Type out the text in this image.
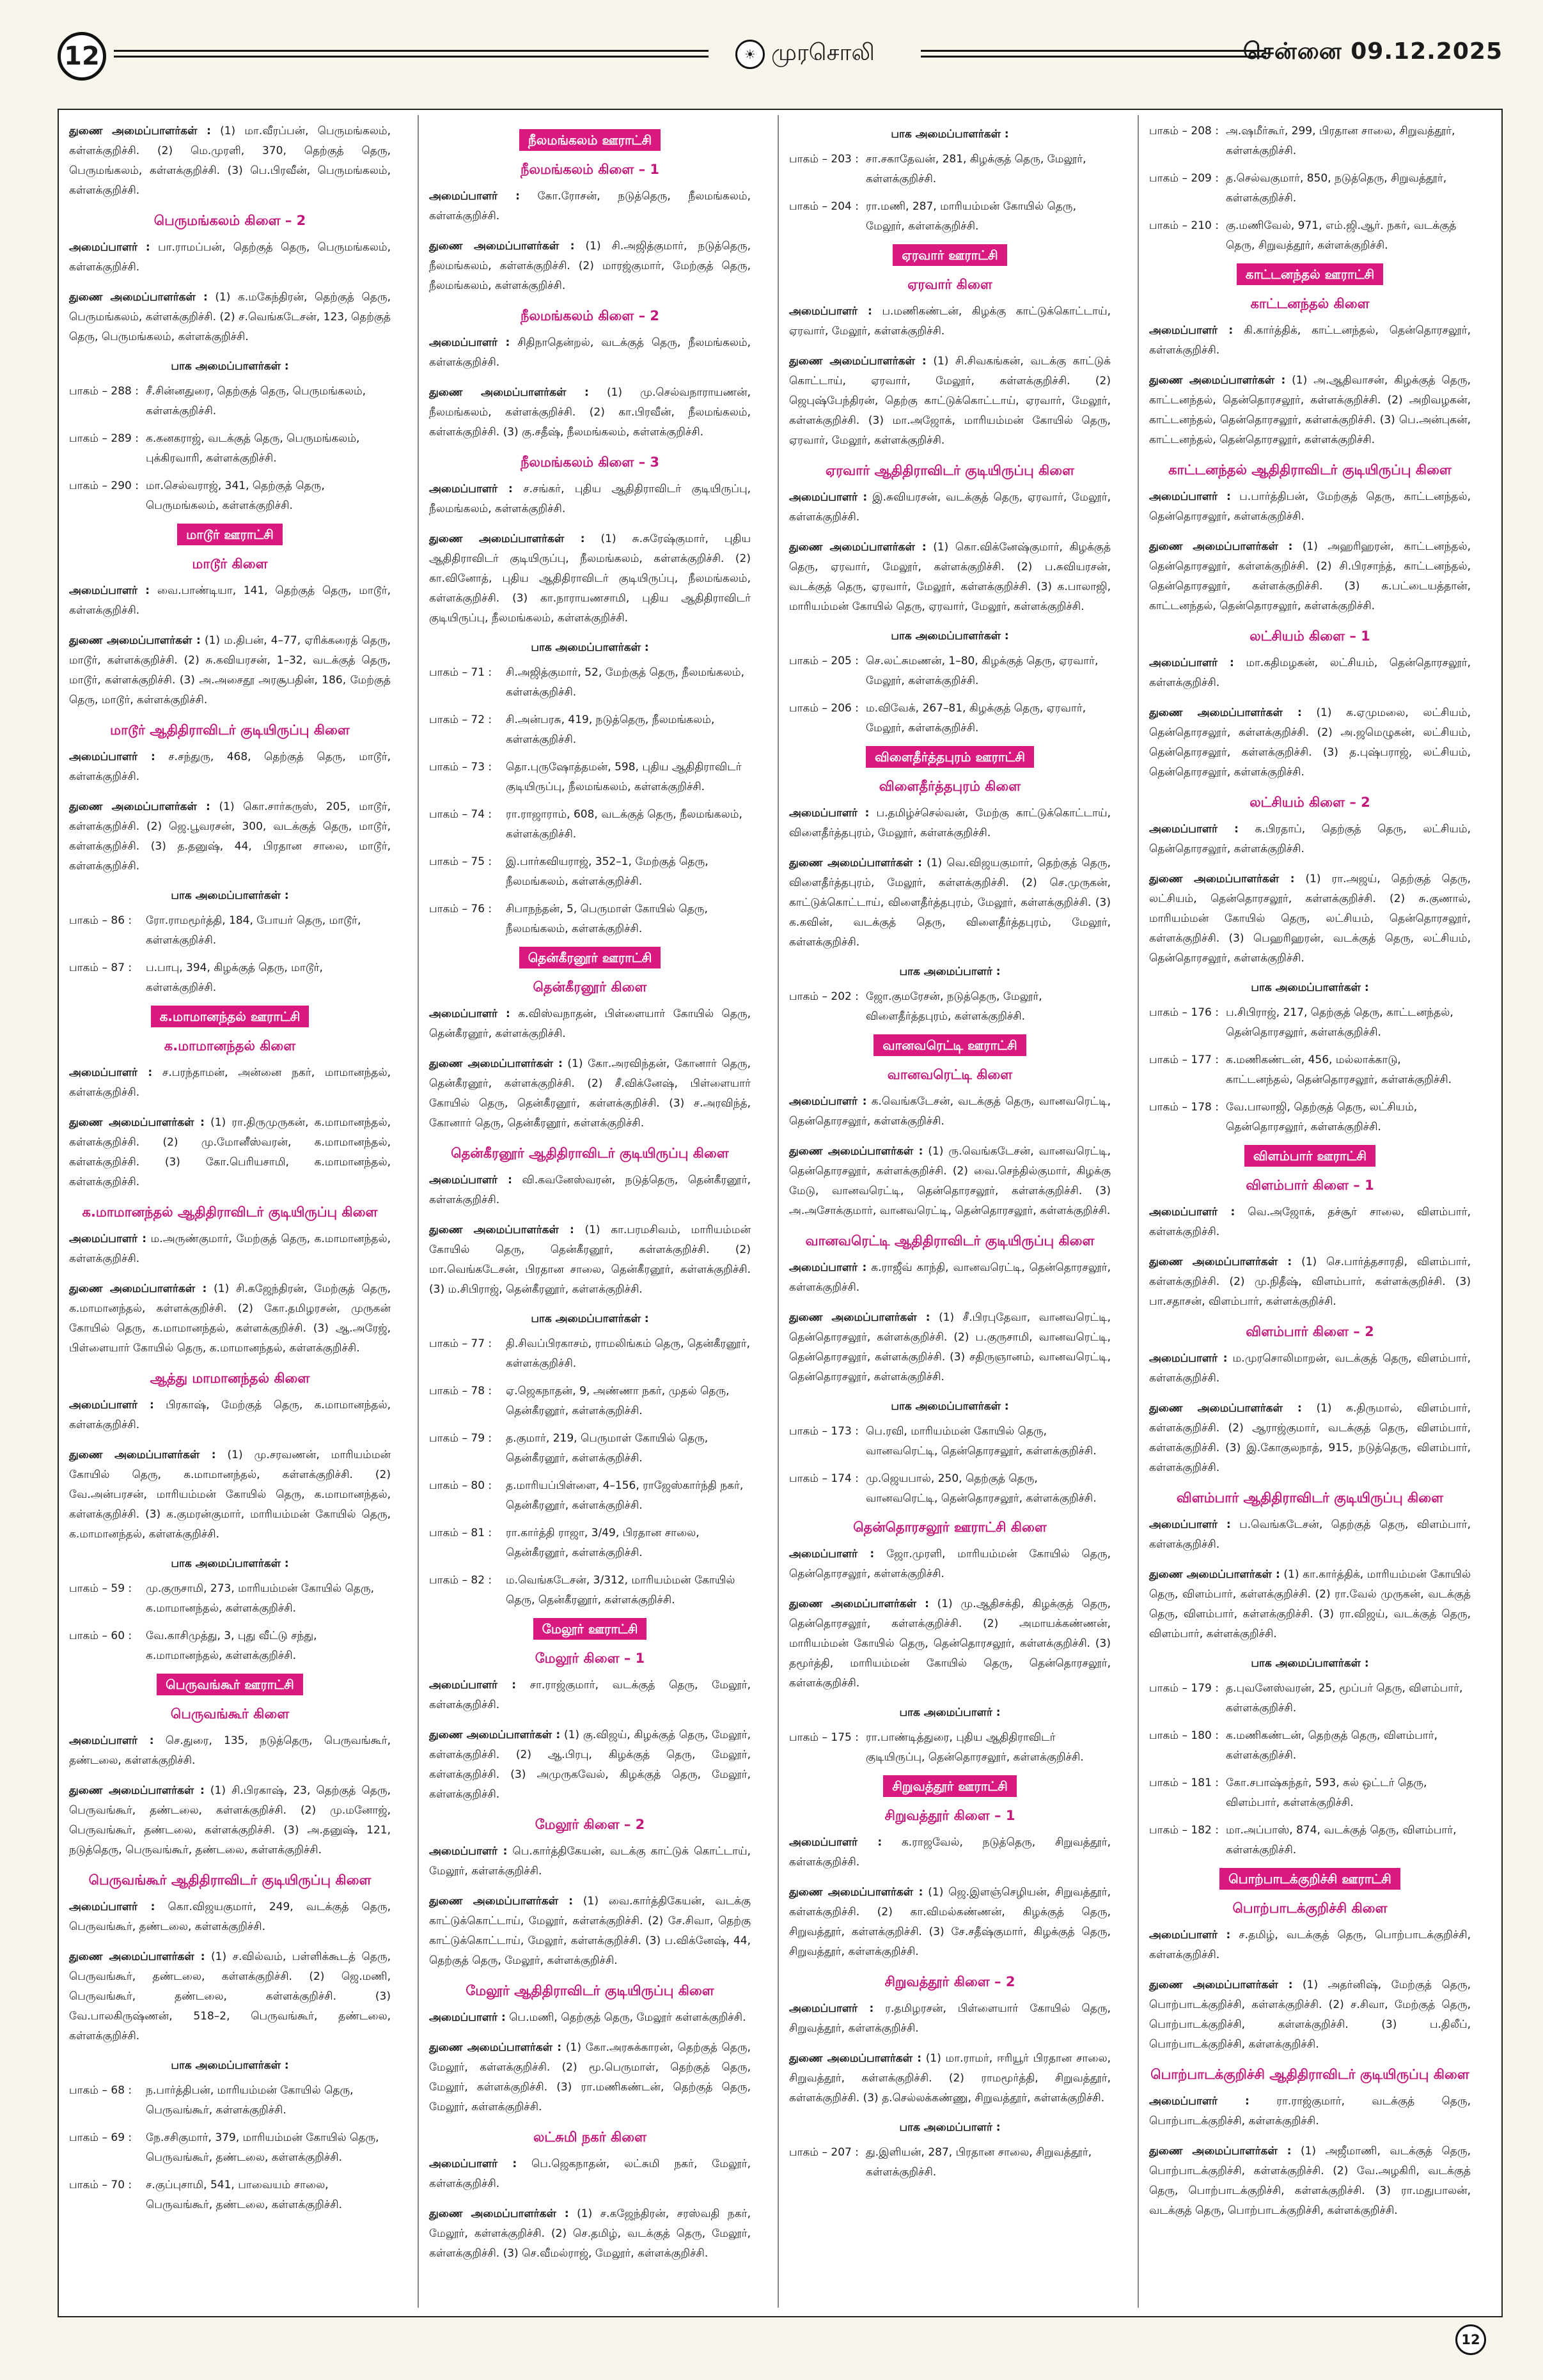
12	☀ முரசொலி	சென்னை 09.12.2025

துணை அமைப்பாளர்கள் : (1) மா.வீரப்பன், பெருமங்கலம், கள்ளக்குறிச்சி. (2) மெ.முரளி, 370, தெற்குத் தெரு, பெருமங்கலம், கள்ளக்குறிச்சி. (3) பெ.பிரவீன், பெருமங்கலம், கள்ளக்குறிச்சி.

பெருமங்கலம் கிளை – 2

அமைப்பாளர் : பா.ராமப்பன், தெற்குத் தெரு, பெருமங்கலம், கள்ளக்குறிச்சி.

துணை அமைப்பாளர்கள் : (1) க.மகேந்திரன், தெற்குத் தெரு, பெருமங்கலம், கள்ளக்குறிச்சி. (2) ச.வெங்கடேசன், 123, தெற்குத் தெரு, பெருமங்கலம், கள்ளக்குறிச்சி.

பாக அமைப்பாளர்கள் :
பாகம் – 288 : சீ.சின்னதுரை, தெற்குத் தெரு, பெருமங்கலம், கள்ளக்குறிச்சி.
பாகம் – 289 : க.கனகராஜ், வடக்குத் தெரு, பெருமங்கலம், புக்கிரவாரி, கள்ளக்குறிச்சி.
பாகம் – 290 : மா.செல்வராஜ், 341, தெற்குத் தெரு, பெருமங்கலம், கள்ளக்குறிச்சி.
மாடூர் ஊராட்சி
மாடூர் கிளை

அமைப்பாளர் : வை.பாண்டியா, 141, தெற்குத் தெரு, மாடூர், கள்ளக்குறிச்சி.

துணை அமைப்பாளர்கள் : (1) ம.திபன், 4–77, ஏரிக்கரைத் தெரு, மாடூர், கள்ளக்குறிச்சி. (2) சு.கவியரசன், 1–32, வடக்குத் தெரு, மாடூர், கள்ளக்குறிச்சி. (3) அ.அசைதூ அரசூபதின், 186, மேற்குத் தெரு, மாடூர், கள்ளக்குறிச்சி.

மாடூர் ஆதிதிராவிடர் குடியிருப்பு கிளை

அமைப்பாளர் : ச.சந்துரு, 468, தெற்குத் தெரு, மாடூர், கள்ளக்குறிச்சி.

துணை அமைப்பாளர்கள் : (1) கொ.சார்கருஸ், 205, மாடூர், கள்ளக்குறிச்சி. (2) ஜெ.பூவரசன், 300, வடக்குத் தெரு, மாடூர், கள்ளக்குறிச்சி. (3) த.தனுஷ், 44, பிரதான சாலை, மாடூர், கள்ளக்குறிச்சி.

பாக அமைப்பாளர்கள் :
பாகம் – 86 :	ரோ.ராமமூர்த்தி, 184, போயர் தெரு, மாடூர், கள்ளக்குறிச்சி.
பாகம் – 87 :	ப.பாபு, 394, கிழக்குத் தெரு, மாடூர், கள்ளக்குறிச்சி.
க.மாமானந்தல் ஊராட்சி
க.மாமானந்தல் கிளை

அமைப்பாளர் : ச.பரந்தாமன், அன்னை நகர், மாமானந்தல், கள்ளக்குறிச்சி.

துணை அமைப்பாளர்கள் : (1) ரா.திருமுருகன், க.மாமானந்தல், கள்ளக்குறிச்சி. (2) மு.மோனீஸ்வரன், க.மாமானந்தல், கள்ளக்குறிச்சி. (3) கோ.பெரியசாமி, க.மாமானந்தல், கள்ளக்குறிச்சி.

க.மாமானந்தல் ஆதிதிராவிடர் குடியிருப்பு கிளை

அமைப்பாளர் : ம.அருண்குமார், மேற்குத் தெரு, க.மாமானந்தல், கள்ளக்குறிச்சி.

துணை அமைப்பாளர்கள் : (1) சி.கஜேந்திரன், மேற்குத் தெரு, க.மாமானந்தல், கள்ளக்குறிச்சி. (2) கோ.தமிழரசன், முருகன் கோயில் தெரு, க.மாமானந்தல், கள்ளக்குறிச்சி. (3) ஆ.அரேஜ், பிள்ளையார் கோயில் தெரு, க.மாமானந்தல், கள்ளக்குறிச்சி.

ஆத்து மாமானந்தல் கிளை

அமைப்பாளர் : பிரகாஷ், மேற்குத் தெரு, க.மாமானந்தல், கள்ளக்குறிச்சி.

துணை அமைப்பாளர்கள் : (1) மு.சரவணன், மாரியம்மன் கோயில் தெரு, க.மாமானந்தல், கள்ளக்குறிச்சி. (2) வே.அன்பரசன், மாரியம்மன் கோயில் தெரு, க.மாமானந்தல், கள்ளக்குறிச்சி. (3) க.குமரன்குமார், மாரியம்மன் கோயில் தெரு, க.மாமானந்தல், கள்ளக்குறிச்சி.

பாக அமைப்பாளர்கள் :
பாகம் – 59 :	மு.குருசாமி, 273, மாரியம்மன் கோயில் தெரு, க.மாமானந்தல், கள்ளக்குறிச்சி.
பாகம் – 60 :	வே.காசிமுத்து, 3, புது வீட்டு சந்து, க.மாமானந்தல், கள்ளக்குறிச்சி.
பெருவங்கூர் ஊராட்சி
பெருவங்கூர் கிளை

அமைப்பாளர் : செ.துரை, 135, நடுத்தெரு, பெருவங்கூர், தண்டலை, கள்ளக்குறிச்சி.

துணை அமைப்பாளர்கள் : (1) சி.பிரகாஷ், 23, தெற்குத் தெரு, பெருவங்கூர், தண்டலை, கள்ளக்குறிச்சி. (2) மு.மனோஜ், பெருவங்கூர், தண்டலை, கள்ளக்குறிச்சி. (3) அ.தனுஷ், 121, நடுத்தெரு, பெருவங்கூர், தண்டலை, கள்ளக்குறிச்சி.

பெருவங்கூர் ஆதிதிராவிடர் குடியிருப்பு கிளை

அமைப்பாளர் : கொ.விஜயகுமார், 249, வடக்குத் தெரு, பெருவங்கூர், தண்டலை, கள்ளக்குறிச்சி.

துணை அமைப்பாளர்கள் : (1) ச.வில்வம், பள்ளிக்கூடத் தெரு, பெருவங்கூர், தண்டலை, கள்ளக்குறிச்சி. (2) ஜெ.மணி, பெருவங்கூர், தண்டலை, கள்ளக்குறிச்சி. (3) வே.பாலகிருஷ்ணன், 518–2, பெருவங்கூர், தண்டலை, கள்ளக்குறிச்சி.

பாக அமைப்பாளர்கள் :
பாகம் – 68 :	ந.பார்த்திபன், மாரியம்மன் கோயில் தெரு, பெருவங்கூர், கள்ளக்குறிச்சி.
பாகம் – 69 :	நே.சசிகுமார், 379, மாரியம்மன் கோயில் தெரு, பெருவங்கூர், தண்டலை, கள்ளக்குறிச்சி.
பாகம் – 70 :	ச.குப்புசாமி, 541, பாவையம் சாலை, பெருவங்கூர், தண்டலை, கள்ளக்குறிச்சி.
நீலமங்கலம் ஊராட்சி
நீலமங்கலம் கிளை – 1

அமைப்பாளர் : கோ.ரோசன், நடுத்தெரு, நீலமங்கலம், கள்ளக்குறிச்சி.

துணை அமைப்பாளர்கள் : (1) சி.அஜித்குமார், நடுத்தெரு, நீலமங்கலம், கள்ளக்குறிச்சி. (2) மாரஜ்குமார், மேற்குத் தெரு, நீலமங்கலம், கள்ளக்குறிச்சி.

நீலமங்கலம் கிளை – 2

அமைப்பாளர் : சிதிநாதென்றல், வடக்குத் தெரு, நீலமங்கலம், கள்ளக்குறிச்சி.

துணை அமைப்பாளர்கள் : (1) மு.செல்வநாராயணன், நீலமங்கலம், கள்ளக்குறிச்சி. (2) கா.பிரவீன், நீலமங்கலம், கள்ளக்குறிச்சி. (3) கு.சதீஷ், நீலமங்கலம், கள்ளக்குறிச்சி.

நீலமங்கலம் கிளை – 3

அமைப்பாளர் : ச.சங்கர், புதிய ஆதிதிராவிடர் குடியிருப்பு, நீலமங்கலம், கள்ளக்குறிச்சி.

துணை அமைப்பாளர்கள் : (1) சு.சுரேஷ்குமார், புதிய ஆதிதிராவிடர் குடியிருப்பு, நீலமங்கலம், கள்ளக்குறிச்சி. (2) கா.வினோத், புதிய ஆதிதிராவிடர் குடியிருப்பு, நீலமங்கலம், கள்ளக்குறிச்சி. (3) கா.நாராயணசாமி, புதிய ஆதிதிராவிடர் குடியிருப்பு, நீலமங்கலம், கள்ளக்குறிச்சி.

பாக அமைப்பாளர்கள் :
பாகம் – 71 :	சி.அஜித்குமார், 52, மேற்குத் தெரு, நீலமங்கலம், கள்ளக்குறிச்சி.
பாகம் – 72 :	சி.அன்பரசு, 419, நடுத்தெரு, நீலமங்கலம், கள்ளக்குறிச்சி.
பாகம் – 73 :	தொ.புருஷோத்தமன், 598, புதிய ஆதிதிராவிடர் குடியிருப்பு, நீலமங்கலம், கள்ளக்குறிச்சி.
பாகம் – 74 :	ரா.ராஜாராம், 608, வடக்குத் தெரு, நீலமங்கலம், கள்ளக்குறிச்சி.
பாகம் – 75 :	இ.பார்கவியராஜ், 352–1, மேற்குத் தெரு, நீலமங்கலம், கள்ளக்குறிச்சி.
பாகம் – 76 :	சிபாநந்தன், 5, பெருமாள் கோயில் தெரு, நீலமங்கலம், கள்ளக்குறிச்சி.
தென்கீரனூர் ஊராட்சி
தென்கீரனூர் கிளை

அமைப்பாளர் : க.விஸ்வநாதன், பிள்ளையார் கோயில் தெரு, தென்கீரனூர், கள்ளக்குறிச்சி.

துணை அமைப்பாளர்கள் : (1) கோ.அரவிந்தன், கோனார் தெரு, தென்கீரனூர், கள்ளக்குறிச்சி. (2) சீ.விக்னேஷ், பிள்ளையார் கோயில் தெரு, தென்கீரனூர், கள்ளக்குறிச்சி. (3) ச.அரவிந்த், கோனார் தெரு, தென்கீரனூர், கள்ளக்குறிச்சி.

தென்கீரனூர் ஆதிதிராவிடர் குடியிருப்பு கிளை

அமைப்பாளர் : வி.கவனேஸ்வரன், நடுத்தெரு, தென்கீரனூர், கள்ளக்குறிச்சி.

துணை அமைப்பாளர்கள் : (1) கா.பரமசிவம், மாரியம்மன் கோயில் தெரு, தென்கீரனூர், கள்ளக்குறிச்சி. (2) மா.வெங்கடேசன், பிரதான சாலை, தென்கீரனூர், கள்ளக்குறிச்சி. (3) ம.சிபிராஜ், தென்கீரனூர், கள்ளக்குறிச்சி.

பாக அமைப்பாளர்கள் :
பாகம் – 77 :	தி.சிவப்பிரகாசம், ராமலிங்கம் தெரு, தென்கீரனூர், கள்ளக்குறிச்சி.
பாகம் – 78 :	ஏ.ஜெகநாதன், 9, அண்ணா நகர், முதல் தெரு, தென்கீரனூர், கள்ளக்குறிச்சி.
பாகம் – 79 :	த.குமார், 219, பெருமாள் கோயில் தெரு, தென்கீரனூர், கள்ளக்குறிச்சி.
பாகம் – 80 :	த.மாரியப்பிள்ளை, 4–156, ராஜேஸ்கார்ந்தி நகர், தென்கீரனூர், கள்ளக்குறிச்சி.
பாகம் – 81 :	ரா.கார்த்தி ராஜா, 3/49, பிரதான சாலை, தென்கீரனூர், கள்ளக்குறிச்சி.
பாகம் – 82 :	ம.வெங்கடேசன், 3/312, மாரியம்மன் கோயில் தெரு, தென்கீரனூர், கள்ளக்குறிச்சி.
மேலூர் ஊராட்சி
மேலூர் கிளை – 1

அமைப்பாளர் : சா.ராஜ்குமார், வடக்குத் தெரு, மேலூர், கள்ளக்குறிச்சி.

துணை அமைப்பாளர்கள் : (1) கு.விஜய், கிழக்குத் தெரு, மேலூர், கள்ளக்குறிச்சி. (2) ஆ.பிரபு, கிழக்குத் தெரு, மேலூர், கள்ளக்குறிச்சி. (3) அமுருகவேல், கிழக்குத் தெரு, மேலூர், கள்ளக்குறிச்சி.

மேலூர் கிளை – 2

அமைப்பாளர் : பெ.கார்த்திகேயன், வடக்கு காட்டுக் கொட்டாய், மேலூர், கள்ளக்குறிச்சி.

துணை அமைப்பாளர்கள் : (1) வை.கார்த்திகேயன், வடக்கு காட்டுக்கொட்டாய், மேலூர், கள்ளக்குறிச்சி. (2) சே.சிவா, தெற்கு காட்டுக்கொட்டாய், மேலூர், கள்ளக்குறிச்சி. (3) ப.விக்னேஷ், 44, தெற்குத் தெரு, மேலூர், கள்ளக்குறிச்சி.

மேலூர் ஆதிதிராவிடர் குடியிருப்பு கிளை

அமைப்பாளர் : பெ.மணி, தெற்குத் தெரு, மேலூர் கள்ளக்குறிச்சி.

துணை அமைப்பாளர்கள் : (1) கோ.அரசுக்காரன், தெற்குத் தெரு, மேலூர், கள்ளக்குறிச்சி. (2) மூ.பெருமாள், தெற்குத் தெரு, மேலூர், கள்ளக்குறிச்சி. (3) ரா.மணிகண்டன், தெற்குத் தெரு, மேலூர், கள்ளக்குறிச்சி.

லட்சுமி நகர் கிளை

அமைப்பாளர் : பெ.ஜெகநாதன், லட்சுமி நகர், மேலூர், கள்ளக்குறிச்சி.

துணை அமைப்பாளர்கள் : (1) ச.கஜேந்திரன், சரஸ்வதி நகர், மேலூர், கள்ளக்குறிச்சி. (2) செ.தமிழ், வடக்குத் தெரு, மேலூர், கள்ளக்குறிச்சி. (3) செ.வீமல்ராஜ், மேலூர், கள்ளக்குறிச்சி.

பாக அமைப்பாளர்கள் :
பாகம் – 203 : சா.சகாதேவன், 281, கிழக்குத் தெரு, மேலூர், கள்ளக்குறிச்சி.
பாகம் – 204 : ரா.மணி, 287, மாரியம்மன் கோயில் தெரு, மேலூர், கள்ளக்குறிச்சி.
ஏரவார் ஊராட்சி
ஏரவார் கிளை

அமைப்பாளர் : ப.மணிகண்டன், கிழக்கு காட்டுக்கொட்டாய், ஏரவார், மேலூர், கள்ளக்குறிச்சி.

துணை அமைப்பாளர்கள் : (1) சி.சிவகங்கன், வடக்கு காட்டுக் கொட்டாய், ஏரவார், மேலூர், கள்ளக்குறிச்சி. (2) ஜெபுஷ்பேந்திரன், தெற்கு காட்டுக்கொட்டாய், ஏரவார், மேலூர், கள்ளக்குறிச்சி. (3) மா.அஜோக், மாரியம்மன் கோயில் தெரு, ஏரவார், மேலூர், கள்ளக்குறிச்சி.

ஏரவார் ஆதிதிராவிடர் குடியிருப்பு கிளை

அமைப்பாளர் : இ.சுவியரசன், வடக்குத் தெரு, ஏரவார், மேலூர், கள்ளக்குறிச்சி.

துணை அமைப்பாளர்கள் : (1) கொ.விக்னேஷ்குமார், கிழக்குத் தெரு, ஏரவார், மேலூர், கள்ளக்குறிச்சி. (2) ப.சுவியரசன், வடக்குத் தெரு, ஏரவார், மேலூர், கள்ளக்குறிச்சி. (3) க.பாலாஜி, மாரியம்மன் கோயில் தெரு, ஏரவார், மேலூர், கள்ளக்குறிச்சி.

பாக அமைப்பாளர்கள் :
பாகம் – 205 : செ.லட்சுமணன், 1–80, கிழக்குத் தெரு, ஏரவார், மேலூர், கள்ளக்குறிச்சி.
பாகம் – 206 : ம.விவேக், 267–81, கிழக்குத் தெரு, ஏரவார், மேலூர், கள்ளக்குறிச்சி.
விளைதீர்த்தபுரம் ஊராட்சி
விளைதீர்த்தபுரம் கிளை

அமைப்பாளர் : ப.தமிழ்ச்செல்வன், மேற்கு காட்டுக்கொட்டாய், விளைதீர்த்தபுரம், மேலூர், கள்ளக்குறிச்சி.

துணை அமைப்பாளர்கள் : (1) வெ.விஜயகுமார், தெற்குத் தெரு, விளைதீர்த்தபுரம், மேலூர், கள்ளக்குறிச்சி. (2) செ.முருகன், காட்டுக்கொட்டாய், விளைதீர்த்தபுரம், மேலூர், கள்ளக்குறிச்சி. (3) க.கவின், வடக்குத் தெரு, விளைதீர்த்தபுரம், மேலூர், கள்ளக்குறிச்சி.

பாக அமைப்பாளர் :
பாகம் – 202 : ஜோ.குமரேசன், நடுத்தெரு, மேலூர், விளைதீர்த்தபுரம், கள்ளக்குறிச்சி.
வானவரெட்டி ஊராட்சி
வானவரெட்டி கிளை

அமைப்பாளர் : க.வெங்கடேசன், வடக்குத் தெரு, வானவரெட்டி, தென்தொரசலூர், கள்ளக்குறிச்சி.

துணை அமைப்பாளர்கள் : (1) ரு.வெங்கடேசன், வானவரெட்டி, தென்தொரசலூர், கள்ளக்குறிச்சி. (2) வை.செந்தில்குமார், கிழக்கு மேடு, வானவரெட்டி, தென்தொரசலூர், கள்ளக்குறிச்சி. (3) அ.அசோக்குமார், வானவரெட்டி, தென்தொரசலூர், கள்ளக்குறிச்சி.

வானவரெட்டி ஆதிதிராவிடர் குடியிருப்பு கிளை

அமைப்பாளர் : க.ராஜீவ் காந்தி, வானவரெட்டி, தென்தொரசலூர், கள்ளக்குறிச்சி.

துணை அமைப்பாளர்கள் : (1) சீ.பிரபுதேவா, வானவரெட்டி, தென்தொரசலூர், கள்ளக்குறிச்சி. (2) ப.குருசாமி, வானவரெட்டி, தென்தொரசலூர், கள்ளக்குறிச்சி. (3) சதிருஞானம், வானவரெட்டி, தென்தொரசலூர், கள்ளக்குறிச்சி.

பாக அமைப்பாளர்கள் :
பாகம் – 173 : பெ.ரவி, மாரியம்மன் கோயில் தெரு, வானவரெட்டி, தென்தொரசலூர், கள்ளக்குறிச்சி.
பாகம் – 174 : மு.ஜெயபால், 250, தெற்குத் தெரு, வானவரெட்டி, தென்தொரசலூர், கள்ளக்குறிச்சி.
தென்தொரசலூர் ஊராட்சி கிளை

அமைப்பாளர் : ஜோ.முரளி, மாரியம்மன் கோயில் தெரு, தென்தொரசலூர், கள்ளக்குறிச்சி.

துணை அமைப்பாளர்கள் : (1) மு.ஆதிசக்தி, கிழக்குத் தெரு, தென்தொரசலூர், கள்ளக்குறிச்சி. (2) அமாயக்கண்ணன், மாரியம்மன் கோயில் தெரு, தென்தொரசலூர், கள்ளக்குறிச்சி. (3) தமூர்த்தி, மாரியம்மன் கோயில் தெரு, தென்தொரசலூர், கள்ளக்குறிச்சி.

பாக அமைப்பாளர் :
பாகம் – 175 : ரா.பாண்டித்துரை, புதிய ஆதிதிராவிடர் குடியிருப்பு, தென்தொரசலூர், கள்ளக்குறிச்சி.
சிறுவத்தூர் ஊராட்சி
சிறுவத்தூர் கிளை – 1

அமைப்பாளர் : க.ராஜவேல், நடுத்தெரு, சிறுவத்தூர், கள்ளக்குறிச்சி.

துணை அமைப்பாளர்கள் : (1) ஜெ.இளஞ்செழியன், சிறுவத்தூர், கள்ளக்குறிச்சி. (2) கா.விமல்கண்ணன், கிழக்குத் தெரு, சிறுவத்தூர், கள்ளக்குறிச்சி. (3) சே.சதீஷ்குமார், கிழக்குத் தெரு, சிறுவத்தூர், கள்ளக்குறிச்சி.

சிறுவத்தூர் கிளை – 2

அமைப்பாளர் : ர.தமிழரசன், பிள்ளையார் கோயில் தெரு, சிறுவத்தூர், கள்ளக்குறிச்சி.

துணை அமைப்பாளர்கள் : (1) மா.ராமர், ஈரியூர் பிரதான சாலை, சிறுவத்தூர், கள்ளக்குறிச்சி. (2) ராமமூர்த்தி, சிறுவத்தூர், கள்ளக்குறிச்சி. (3) த.செல்லக்கண்ணு, சிறுவத்தூர், கள்ளக்குறிச்சி.

பாக அமைப்பாளர் :
பாகம் – 207 : து.இளியன், 287, பிரதான சாலை, சிறுவத்தூர், கள்ளக்குறிச்சி.
பாகம் – 208 : அ.ஷமீர்கூர், 299, பிரதான சாலை, சிறுவத்தூர், கள்ளக்குறிச்சி.
பாகம் – 209 : த.செல்வகுமார், 850, நடுத்தெரு, சிறுவத்தூர், கள்ளக்குறிச்சி.
பாகம் – 210 : கு.மணிவேல், 971, எம்.ஜி.ஆர். நகர், வடக்குத் தெரு, சிறுவத்தூர், கள்ளக்குறிச்சி.
காட்டனந்தல் ஊராட்சி
காட்டனந்தல் கிளை

அமைப்பாளர் : கி.கார்த்திக், காட்டனந்தல், தென்தொரசலூர், கள்ளக்குறிச்சி.

துணை அமைப்பாளர்கள் : (1) அ.ஆதிவாசன், கிழக்குத் தெரு, காட்டனந்தல், தென்தொரசலூர், கள்ளக்குறிச்சி. (2) அறிவழகன், காட்டனந்தல், தென்தொரசலூர், கள்ளக்குறிச்சி. (3) பெ.அன்புகன், காட்டனந்தல், தென்தொரசலூர், கள்ளக்குறிச்சி.

காட்டனந்தல் ஆதிதிராவிடர் குடியிருப்பு கிளை

அமைப்பாளர் : ப.பார்த்திபன், மேற்குத் தெரு, காட்டனந்தல், தென்தொரசலூர், கள்ளக்குறிச்சி.

துணை அமைப்பாளர்கள் : (1) அஹரிஹரன், காட்டனந்தல், தென்தொரசலூர், கள்ளக்குறிச்சி. (2) சி.பிரசாந்த், காட்டனந்தல், தென்தொரசலூர், கள்ளக்குறிச்சி. (3) க.பட்டையத்தான், காட்டனந்தல், தென்தொரசலூர், கள்ளக்குறிச்சி.

லட்சியம் கிளை – 1

அமைப்பாளர் : மா.கதிமழகன், லட்சியம், தென்தொரசலூர், கள்ளக்குறிச்சி.

துணை அமைப்பாளர்கள் : (1) க.ஏமுமலை, லட்சியம், தென்தொரசலூர், கள்ளக்குறிச்சி. (2) அ.ஜமெழுகன், லட்சியம், தென்தொரசலூர், கள்ளக்குறிச்சி. (3) த.புஷ்பராஜ், லட்சியம், தென்தொரசலூர், கள்ளக்குறிச்சி.

லட்சியம் கிளை – 2

அமைப்பாளர் : க.பிரதாப், தெற்குத் தெரு, லட்சியம், தென்தொரசலூர், கள்ளக்குறிச்சி.

துணை அமைப்பாளர்கள் : (1) ரா.அஜய், தெற்குத் தெரு, லட்சியம், தென்தொரசலூர், கள்ளக்குறிச்சி. (2) சு.குணால், மாரியம்மன் கோயில் தெரு, லட்சியம், தென்தொரசலூர், கள்ளக்குறிச்சி. (3) பெஹரிஹரன், வடக்குத் தெரு, லட்சியம், தென்தொரசலூர், கள்ளக்குறிச்சி.

பாக அமைப்பாளர்கள் :
பாகம் – 176 : ப.சிபிராஜ், 217, தெற்குத் தெரு, காட்டனந்தல், தென்தொரசலூர், கள்ளக்குறிச்சி.
பாகம் – 177 : க.மணிகண்டன், 456, மல்லாக்காடு, காட்டனந்தல், தென்தொரசலூர், கள்ளக்குறிச்சி.
பாகம் – 178 : வே.பாலாஜி, தெற்குத் தெரு, லட்சியம், தென்தொரசலூர், கள்ளக்குறிச்சி.
விளம்பார் ஊராட்சி
விளம்பார் கிளை – 1

அமைப்பாளர் : வெ.அஜோக், தச்சூர் சாலை, விளம்பார், கள்ளக்குறிச்சி.

துணை அமைப்பாளர்கள் : (1) செ.பார்த்தசாரதி, விளம்பார், கள்ளக்குறிச்சி. (2) மு.நிதீஷ், விளம்பார், கள்ளக்குறிச்சி. (3) பா.சதாசன், விளம்பார், கள்ளக்குறிச்சி.

விளம்பார் கிளை – 2

அமைப்பாளர் : ம.முரசொலிமாறன், வடக்குத் தெரு, விளம்பார், கள்ளக்குறிச்சி.

துணை அமைப்பாளர்கள் : (1) க.திருமால், விளம்பார், கள்ளக்குறிச்சி. (2) ஆராஜ்குமார், வடக்குத் தெரு, விளம்பார், கள்ளக்குறிச்சி. (3) இ.கோகுலநாத், 915, நடுத்தெரு, விளம்பார், கள்ளக்குறிச்சி.

விளம்பார் ஆதிதிராவிடர் குடியிருப்பு கிளை

அமைப்பாளர் : ப.வெங்கடேசன், தெற்குத் தெரு, விளம்பார், கள்ளக்குறிச்சி.

துணை அமைப்பாளர்கள் : (1) கா.கார்த்திக், மாரியம்மன் கோயில் தெரு, விளம்பார், கள்ளக்குறிச்சி. (2) ரா.வேல் முருகன், வடக்குத் தெரு, விளம்பார், கள்ளக்குறிச்சி. (3) ரா.விஜய், வடக்குத் தெரு, விளம்பார், கள்ளக்குறிச்சி.

பாக அமைப்பாளர்கள் :
பாகம் – 179 : த.புவனேஸ்வரன், 25, மூப்பர் தெரு, விளம்பார், கள்ளக்குறிச்சி.
பாகம் – 180 : க.மணிகண்டன், தெற்குத் தெரு, விளம்பார், கள்ளக்குறிச்சி.
பாகம் – 181 : கோ.சபாஷ்கந்தர், 593, கல் ஒட்டர் தெரு, விளம்பார், கள்ளக்குறிச்சி.
பாகம் – 182 : மா.அப்பாஸ், 874, வடக்குத் தெரு, விளம்பார், கள்ளக்குறிச்சி.
பொற்பாடக்குறிச்சி ஊராட்சி
பொற்பாடக்குறிச்சி கிளை

அமைப்பாளர் : ச.தமிழ், வடக்குத் தெரு, பொற்பாடக்குறிச்சி, கள்ளக்குறிச்சி.

துணை அமைப்பாளர்கள் : (1) அதர்னிஷ், மேற்குத் தெரு, பொற்பாடக்குறிச்சி, கள்ளக்குறிச்சி. (2) ச.சிவா, மேற்குத் தெரு, பொற்பாடக்குறிச்சி, கள்ளக்குறிச்சி. (3) ப.திலீப், பொற்பாடக்குறிச்சி, கள்ளக்குறிச்சி.

பொற்பாடக்குறிச்சி ஆதிதிராவிடர் குடியிருப்பு கிளை

அமைப்பாளர் : ரா.ராஜ்குமார், வடக்குத் தெரு, பொற்பாடக்குறிச்சி, கள்ளக்குறிச்சி.

துணை அமைப்பாளர்கள் : (1) அஜீமாணி, வடக்குத் தெரு, பொற்பாடக்குறிச்சி, கள்ளக்குறிச்சி. (2) வே.அழகிரி, வடக்குத் தெரு, பொற்பாடக்குறிச்சி, கள்ளக்குறிச்சி. (3) ரா.மதுபாலன், வடக்குத் தெரு, பொற்பாடக்குறிச்சி, கள்ளக்குறிச்சி.

12
